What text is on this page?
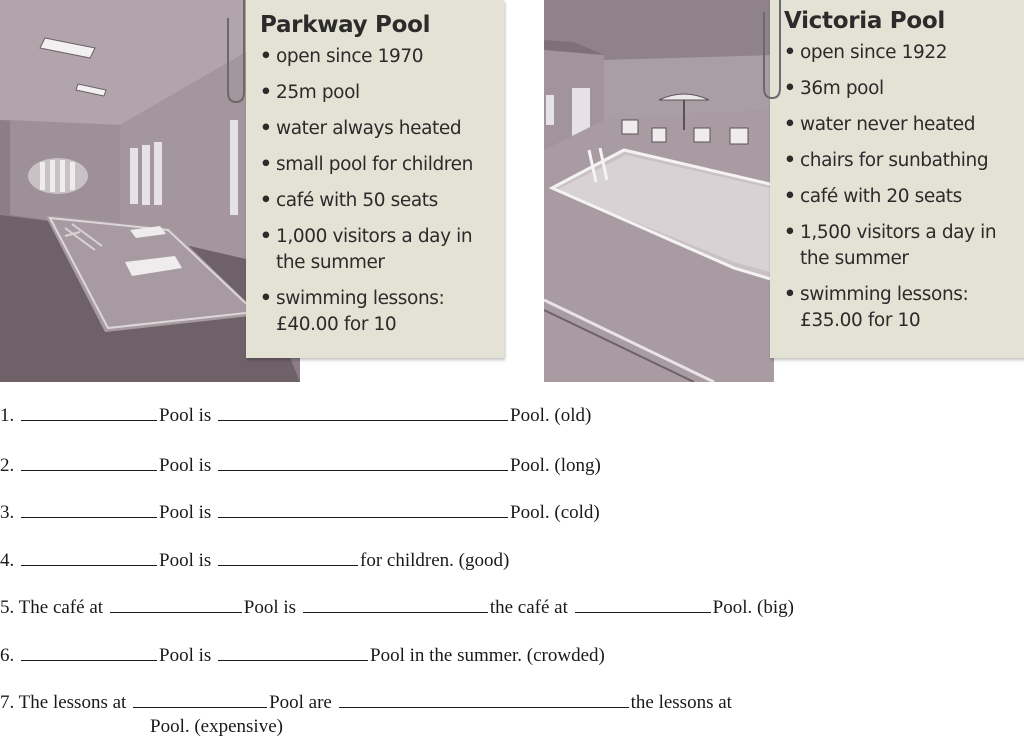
Parkway Pool
• open since 1970
• 25m pool
• water always heated
• small pool for children
• café with 50 seats
• 1,000 visitors a day in the summer
• swimming lessons: £40.00 for 10
Victoria Pool
• open since 1922
• 36m pool
• water never heated
• chairs for sunbathing
• café with 20 seats
• 1,500 visitors a day in the summer
• swimming lessons: £35.00 for 10
1.	Pool is	Pool. (old)
2.	Pool is	Pool. (long)
3.	Pool is	Pool. (cold)
4.	Pool is	for children. (good)
5. The café at	Pool is	the café at	Pool. (big)
6.	Pool is	Pool in the summer. (crowded)
7. The lessons at	Pool are	the lessons at
Pool. (expensive)
